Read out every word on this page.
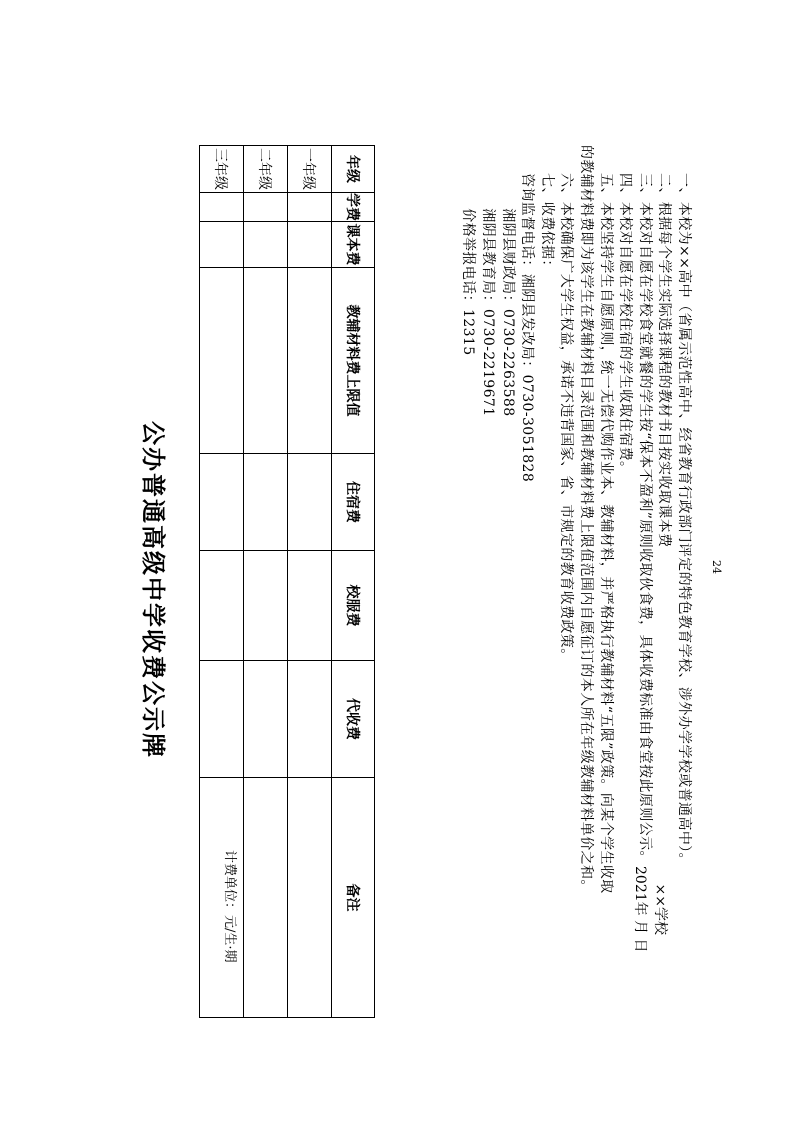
24
公办普通高级中学收费公示牌
计费单位：元/生·期
年级	学费	课本费	教辅材料费上限值	住宿费	校服费	代收费	备注
一年级							
二年级							
三年级							
一、本校为××高中（省属示范性高中、经省教育行政部门评定的特色教育学校、涉外办学学校或普通高中）。
二、根据每个学生实际选择课程的教材书目按实收取课本费
三、本校对自愿在学校食堂就餐的学生按“保本不盈利”原则收取伙食费，具体收费标准由食堂按此原则公示。
四、本校对自愿在学校住宿的学生收取住宿费。
五、本校坚持学生自愿原则，统一无偿代购作业本、教辅材料，并严格执行教辅材料“五限”政策。向某个学生收取
的教辅材料费即为该学生在教辅材料目录范围和教辅材料费上限值范围内自愿征订的本人所在年级教辅材料单价之和。
六、本校确保广大学生权益，承诺不违背国家、省、市规定的教育收费政策。
七、收费依据：
咨询监督电话：湘阴县发改局：0730-3051828
湘阴县财政局：0730-2263588
湘阴县教育局：0730-2219671
价格举报电话：12315
××学校
2021年 月 日
